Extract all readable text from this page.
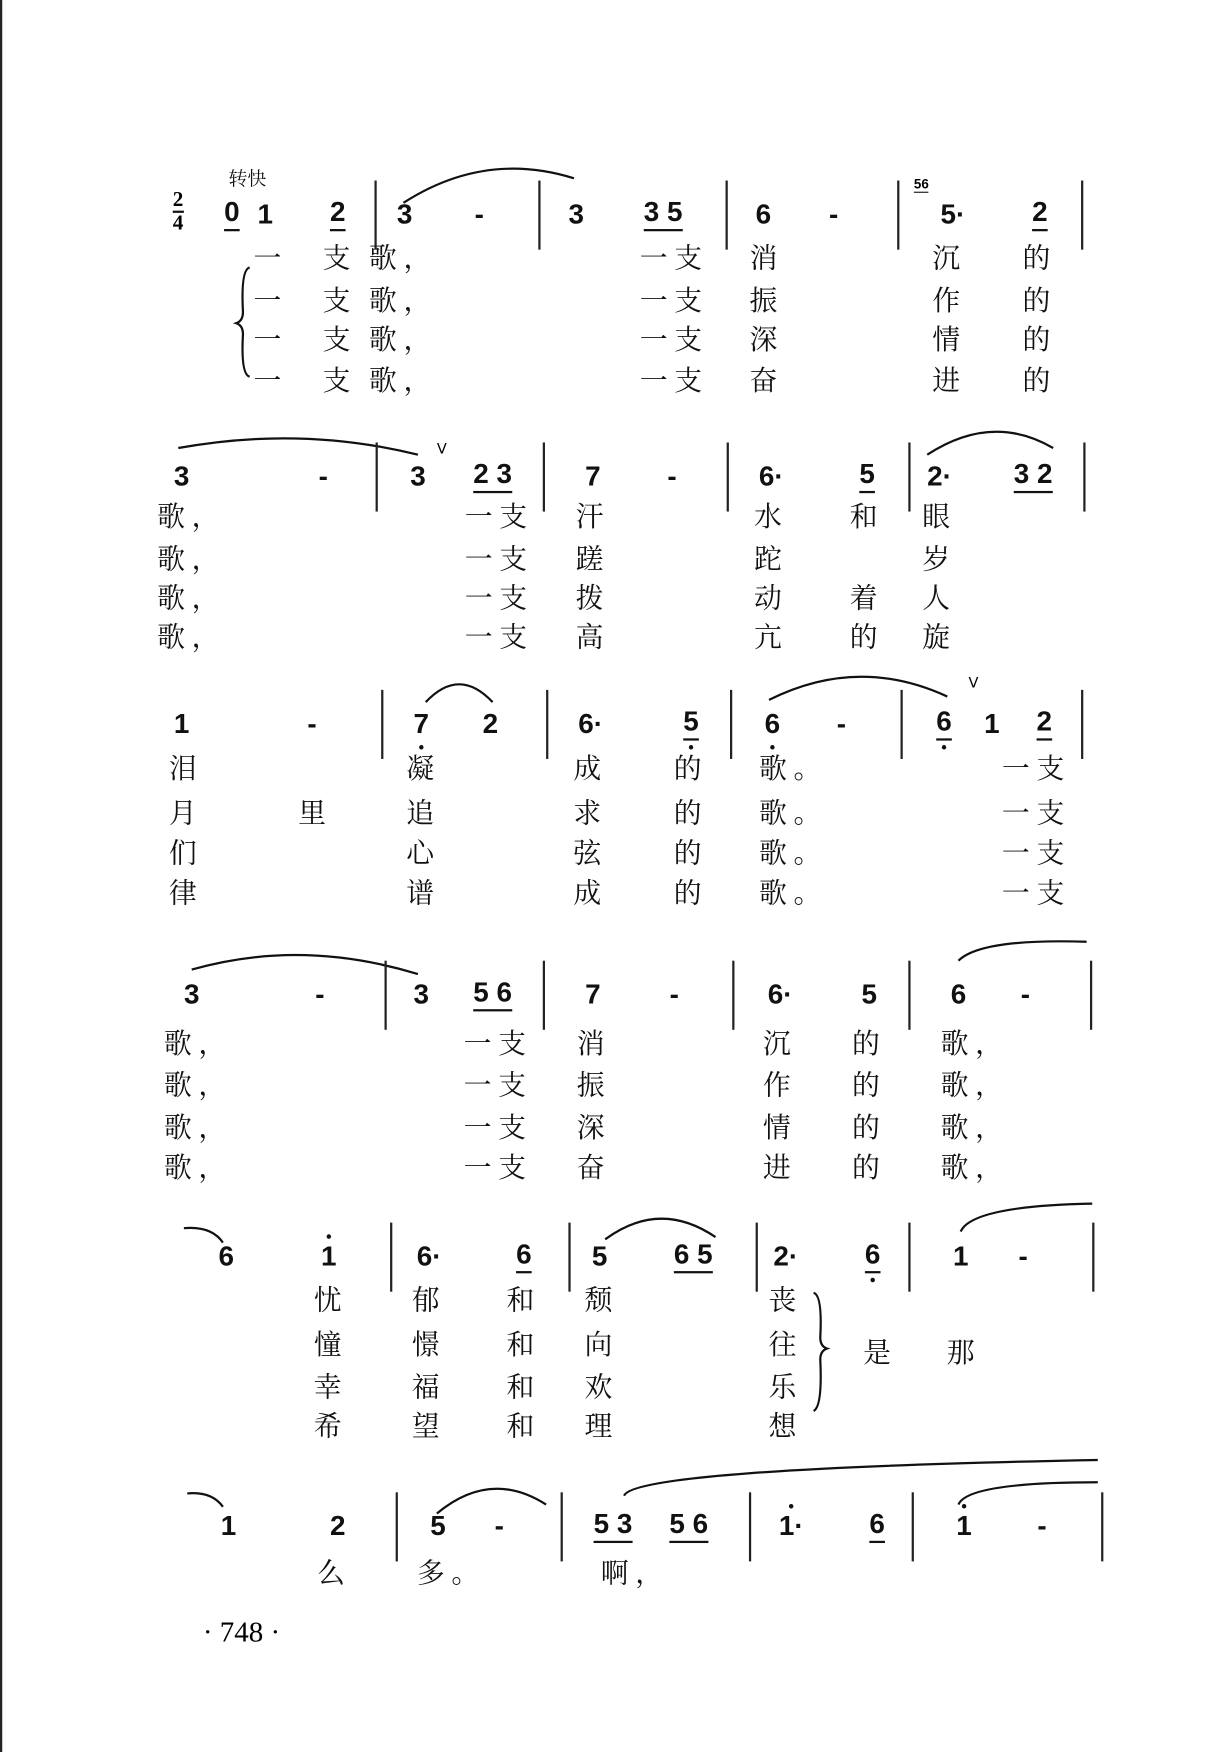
转快
2
4
56
V
V
· 748 ·
是 那
0 1 2 3 -	3 3 5	6 -	5·	2
一 支 歌，	一支 消	沉 的
一 支 歌，	一支 振	作 的
一 支 歌，	一支 深	情 的
一 支 歌，	一支 奋	进 的
3	-	3 2 3	7	-	6·	5 2· 3 2
歌，	一支 汗	水 和 眼
歌，	一支 蹉	跎	岁
歌，	一支 拨	动 着 人
歌，	一支 高	亢 的 旋
1	-	7 2	6·	5	6 -	6 1 2
泪	凝	成	的 歌。	一支
月	里	追	求	的 歌。	一支
们	心	弦	的 歌。	一支
律	谱	成	的 歌。	一支
3	-	3 5 6	7	-	6·	5	6 -
歌，	一支 消	沉 的 歌，
歌，	一支 振	作 的 歌，
歌，	一支 深	情 的 歌，
歌，	一支 奋	进 的 歌，
6	1	6·	6 5	6 5 2·	6	1 -
忧	郁 和 颓	丧
憧	憬 和 向	往
幸	福 和 欢	乐
希	望 和 理	想
1	2	5 -	5 3 5 6	1·	6	1	-
么	多。	啊，
